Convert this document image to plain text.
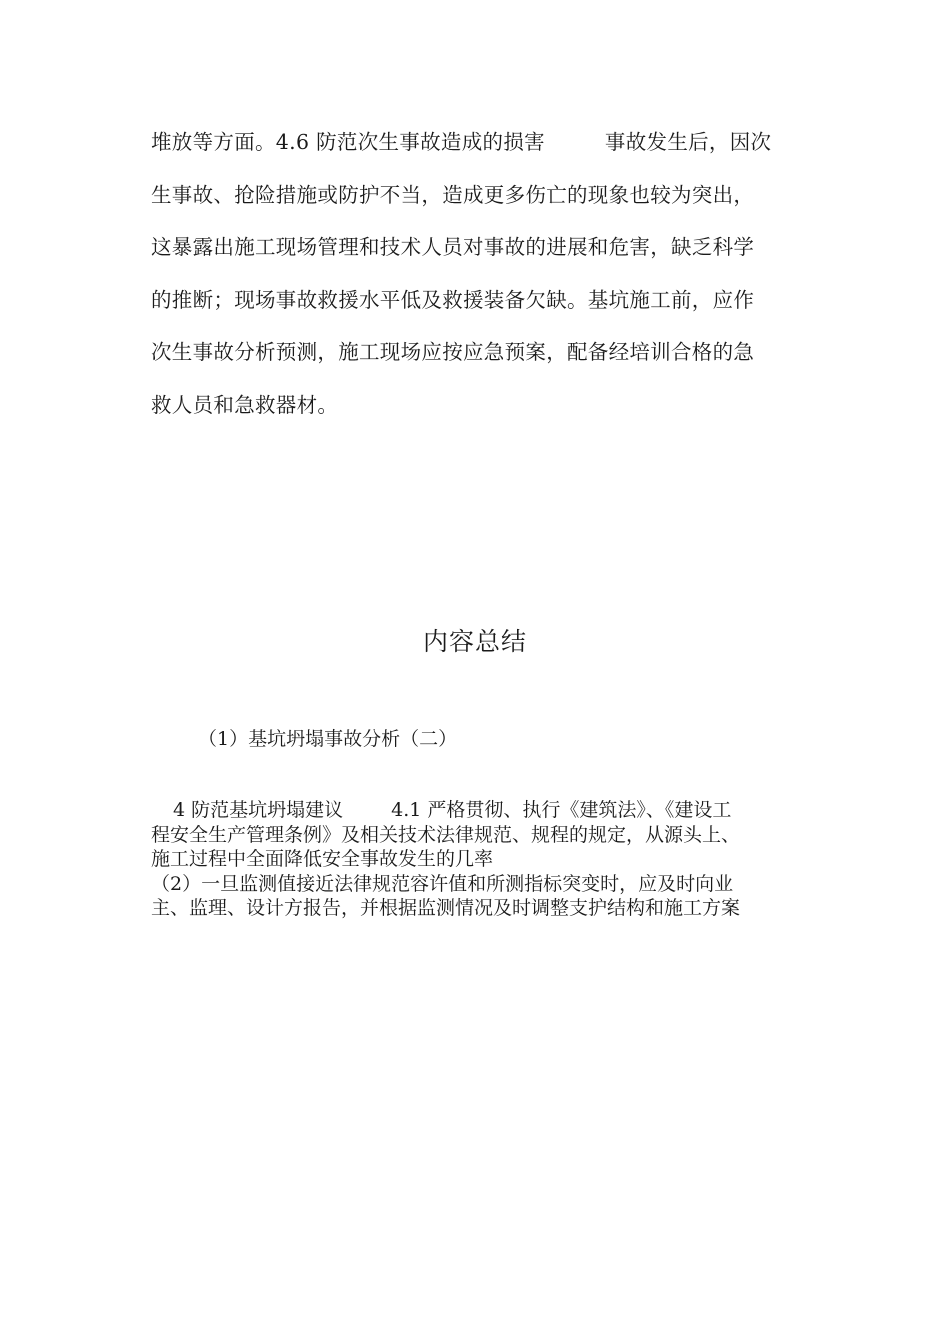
堆放等方面。4.6 防范次生事故造成的损害	事故发生后，因次
生事故、抢险措施或防护不当，造成更多伤亡的现象也较为突出，
这暴露出施工现场管理和技术人员对事故的进展和危害，缺乏科学
的推断；现场事故救援水平低及救援装备欠缺。基坑施工前，应作
次生事故分析预测，施工现场应按应急预案，配备经培训合格的急
救人员和急救器材。
内容总结
（1）基坑坍塌事故分析（二）
4 防范基坑坍塌建议	4.1 严格贯彻、执行《建筑法》、《建设工
程安全生产管理条例》及相关技术法律规范、规程的规定，从源头上、
施工过程中全面降低安全事故发生的几率
（2）一旦监测值接近法律规范容许值和所测指标突变时，应及时向业
主、监理、设计方报告，并根据监测情况及时调整支护结构和施工方案
